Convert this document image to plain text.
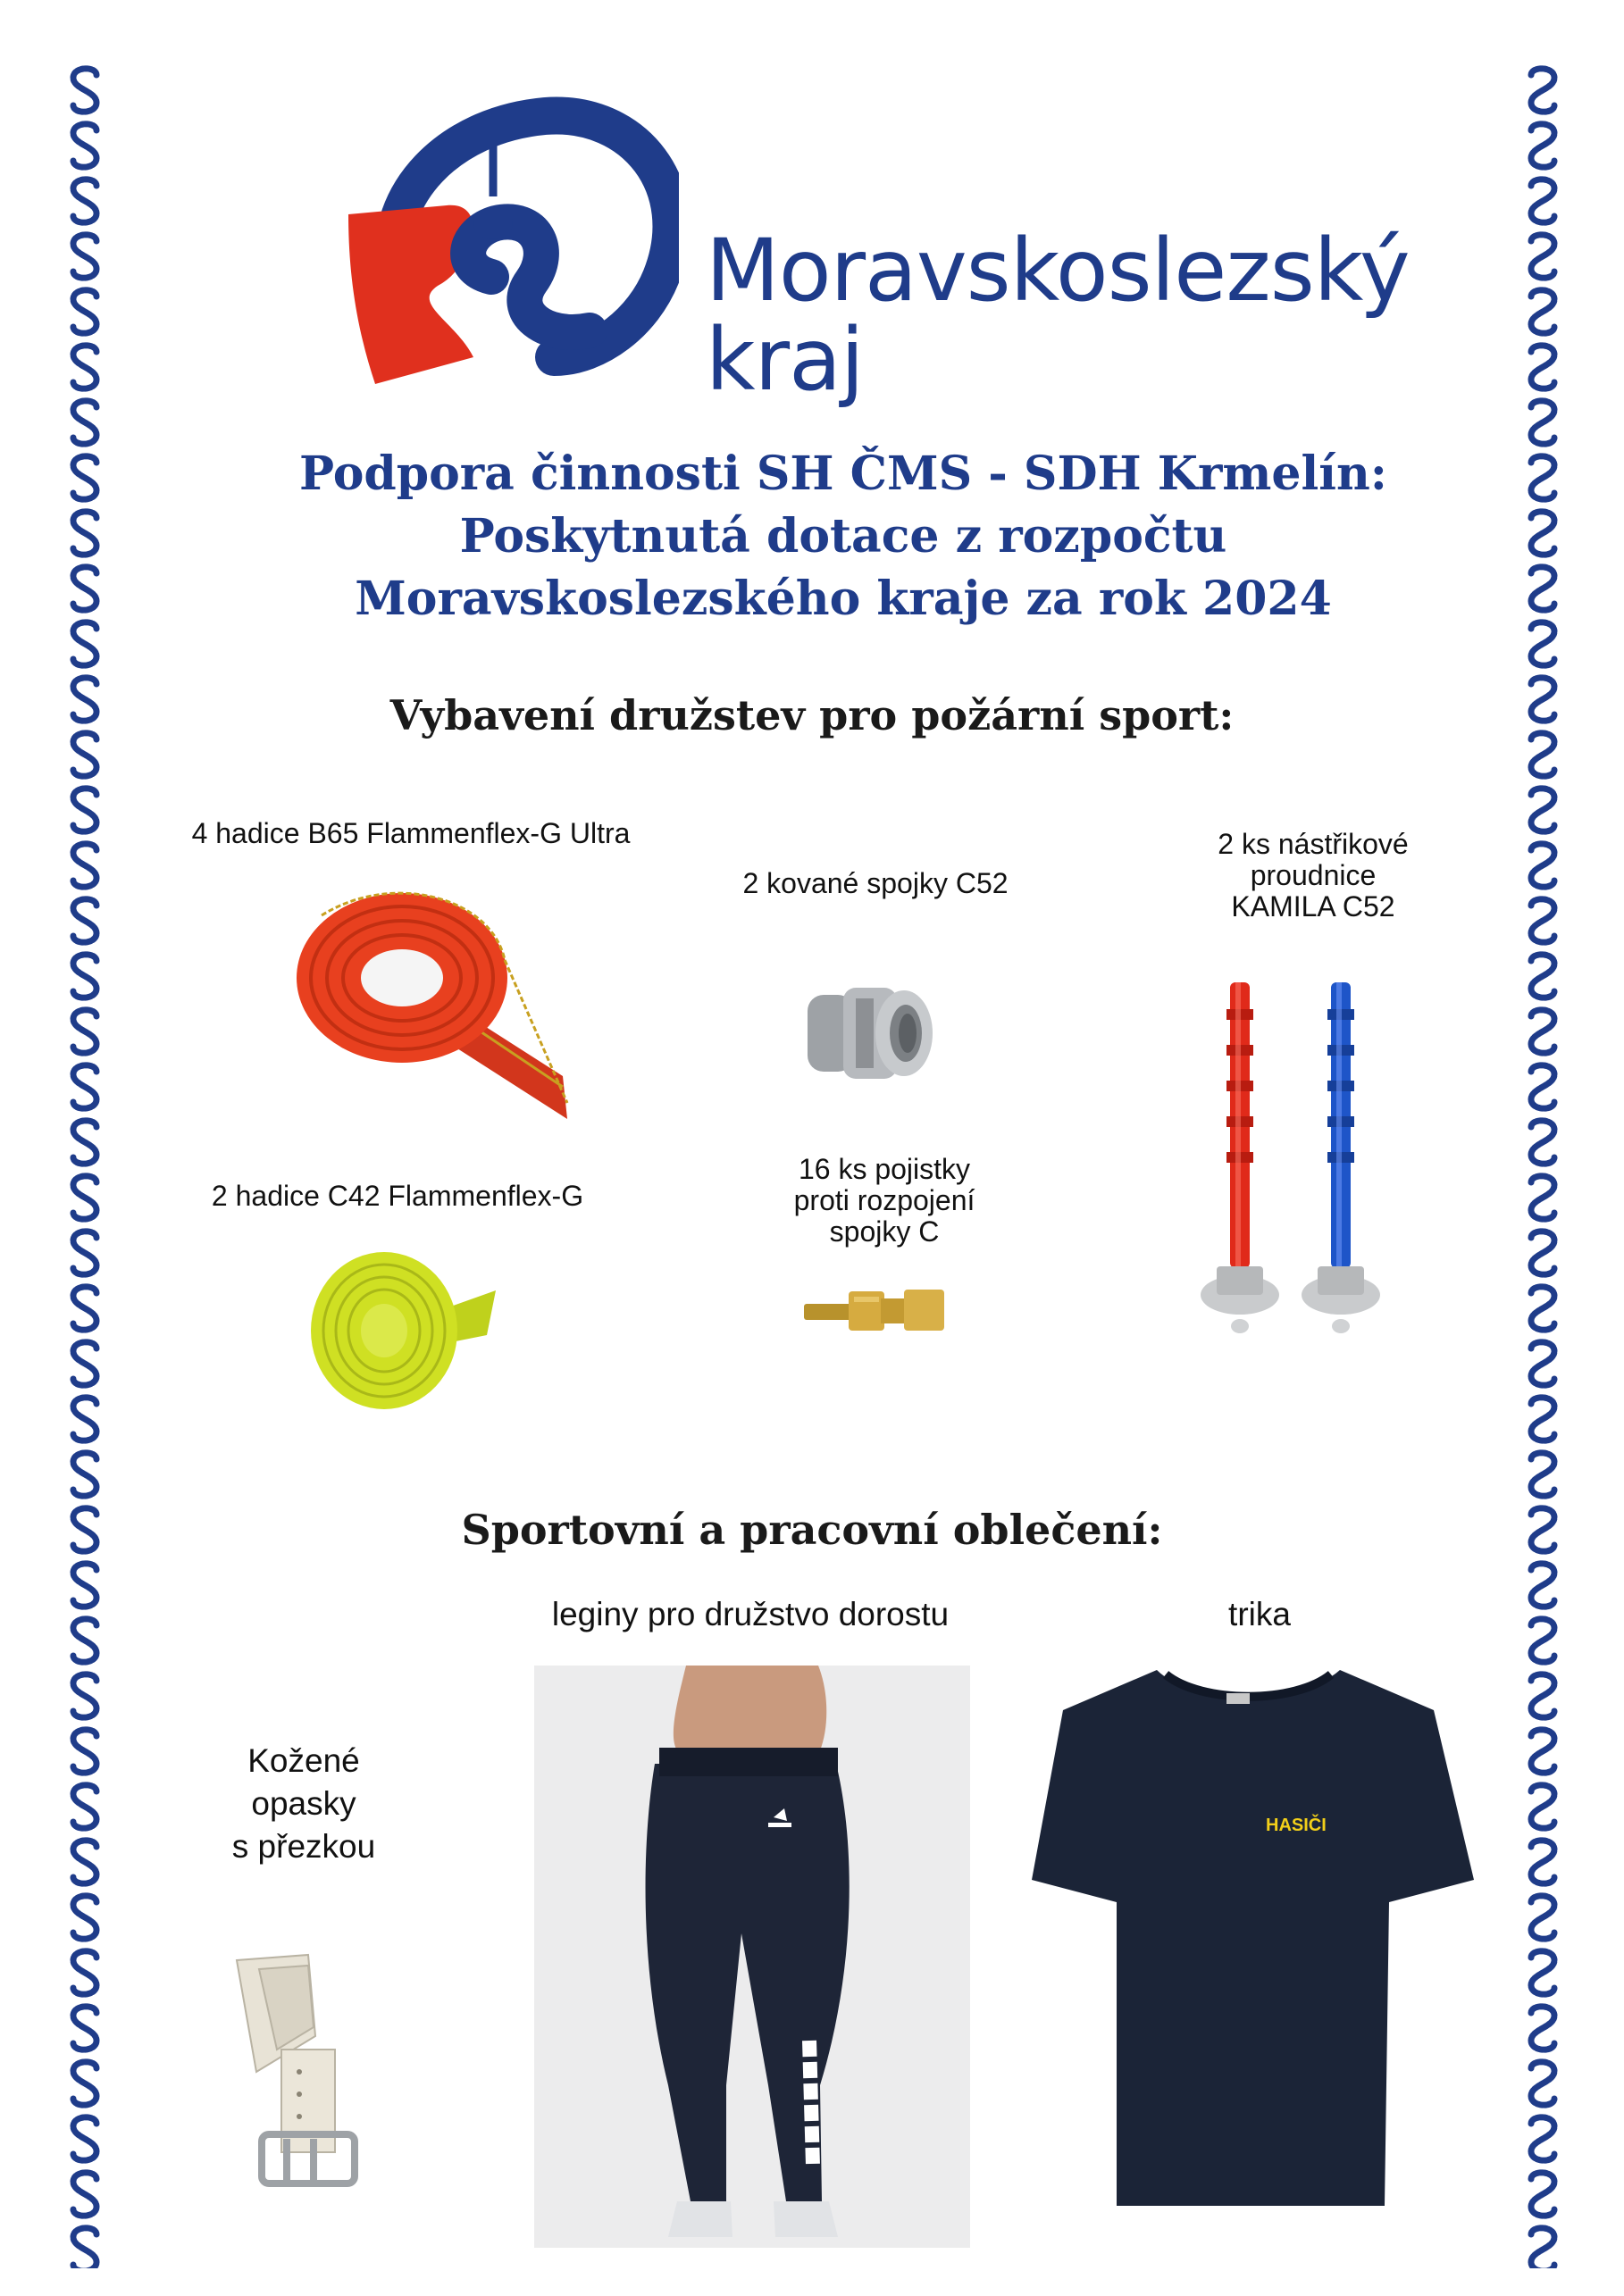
Moravskoslezský
kraj
Podpora činnosti SH ČMS - SDH Krmelín:
Poskytnutá dotace z rozpočtu
Moravskoslezského kraje za rok 2024
Vybavení družstev pro požární sport:
4 hadice B65 Flammenflex-G Ultra
2 kované spojky C52
2 ks nástřikové
proudnice
KAMILA C52
2 hadice C42 Flammenflex-G
16 ks pojistky
proti rozpojení
spojky C
Sportovní a pracovní oblečení:
leginy pro družstvo dorostu	trika
Kožené
opasky
s přezkou
HASIČI
